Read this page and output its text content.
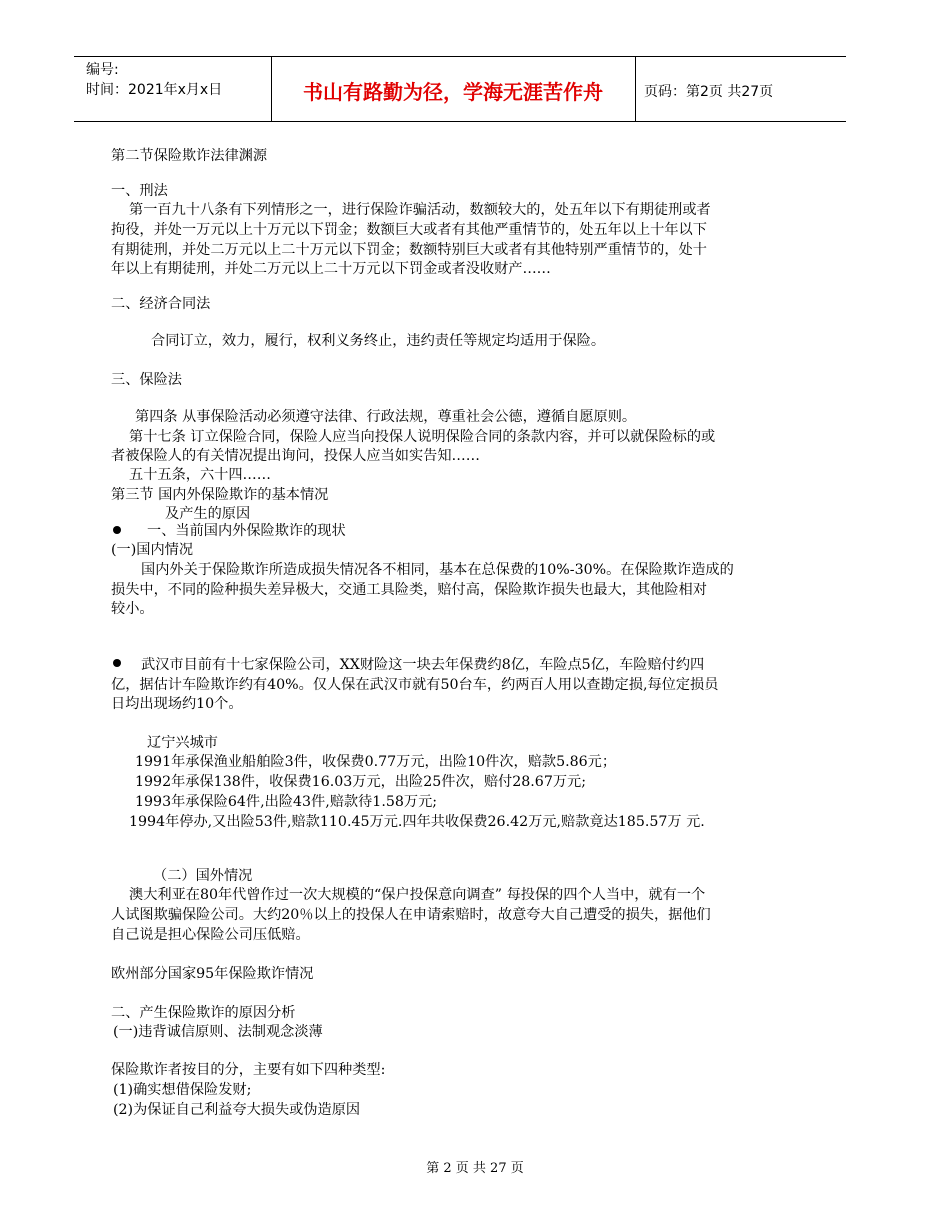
编号:
时间：2021年x月x日	书山有路勤为径，学海无涯苦作舟	页码：第2页 共27页
第二节保险欺诈法律渊源
一、刑法
第一百九十八条有下列情形之一，进行保险诈骗活动，数额较大的，处五年以下有期徒刑或者
拘役，并处一万元以上十万元以下罚金；数额巨大或者有其他严重情节的，处五年以上十年以下
有期徒刑，并处二万元以上二十万元以下罚金；数额特别巨大或者有其他特别严重情节的，处十
年以上有期徒刑，并处二万元以上二十万元以下罚金或者没收财产……
二、经济合同法
合同订立，效力，履行，权利义务终止，违约责任等规定均适用于保险。
三、保险法
第四条 从事保险活动必须遵守法律、行政法规，尊重社会公德，遵循自愿原则。
第十七条 订立保险合同，保险人应当向投保人说明保险合同的条款内容，并可以就保险标的或
者被保险人的有关情况提出询问，投保人应当如实告知……
五十五条，六十四……
第三节 国内外保险欺诈的基本情况
及产生的原因
一、当前国内外保险欺诈的现状
(一)国内情况
国内外关于保险欺诈所造成损失情况各不相同，基本在总保费的10%-30%。在保险欺诈造成的
损失中，不同的险种损失差异极大，交通工具险类，赔付高，保险欺诈损失也最大，其他险相对
较小。
武汉市目前有十七家保险公司，XX财险这一块去年保费约8亿，车险点5亿，车险赔付约四
亿，据估计车险欺诈约有40%。仅人保在武汉市就有50台车，约两百人用以查勘定损,每位定损员
日均出现场约10个。
辽宁兴城市
1991年承保渔业船舶险3件，收保费0.77万元，出险10件次，赔款5.86元；
1992年承保138件，收保费16.03万元，出险25件次，赔付28.67万元;
1993年承保险64件,出险43件,赔款待1.58万元;
1994年停办,又出险53件,赔款110.45万元.四年共收保费26.42万元,赔款竟达185.57万 元.
（二）国外情况
澳大利亚在80年代曾作过一次大规模的“保户投保意向调查” 每投保的四个人当中，就有一个
人试图欺骗保险公司。大约20％以上的投保人在申请索赔时，故意夸大自己遭受的损失，据他们
自己说是担心保险公司压低赔。
欧州部分国家95年保险欺诈情况
二、产生保险欺诈的原因分析
(一)违背诚信原则、法制观念淡薄
保险欺诈者按目的分，主要有如下四种类型:
(1)确实想借保险发财;
(2)为保证自己利益夸大损失或伪造原因
第 2 页 共 27 页
